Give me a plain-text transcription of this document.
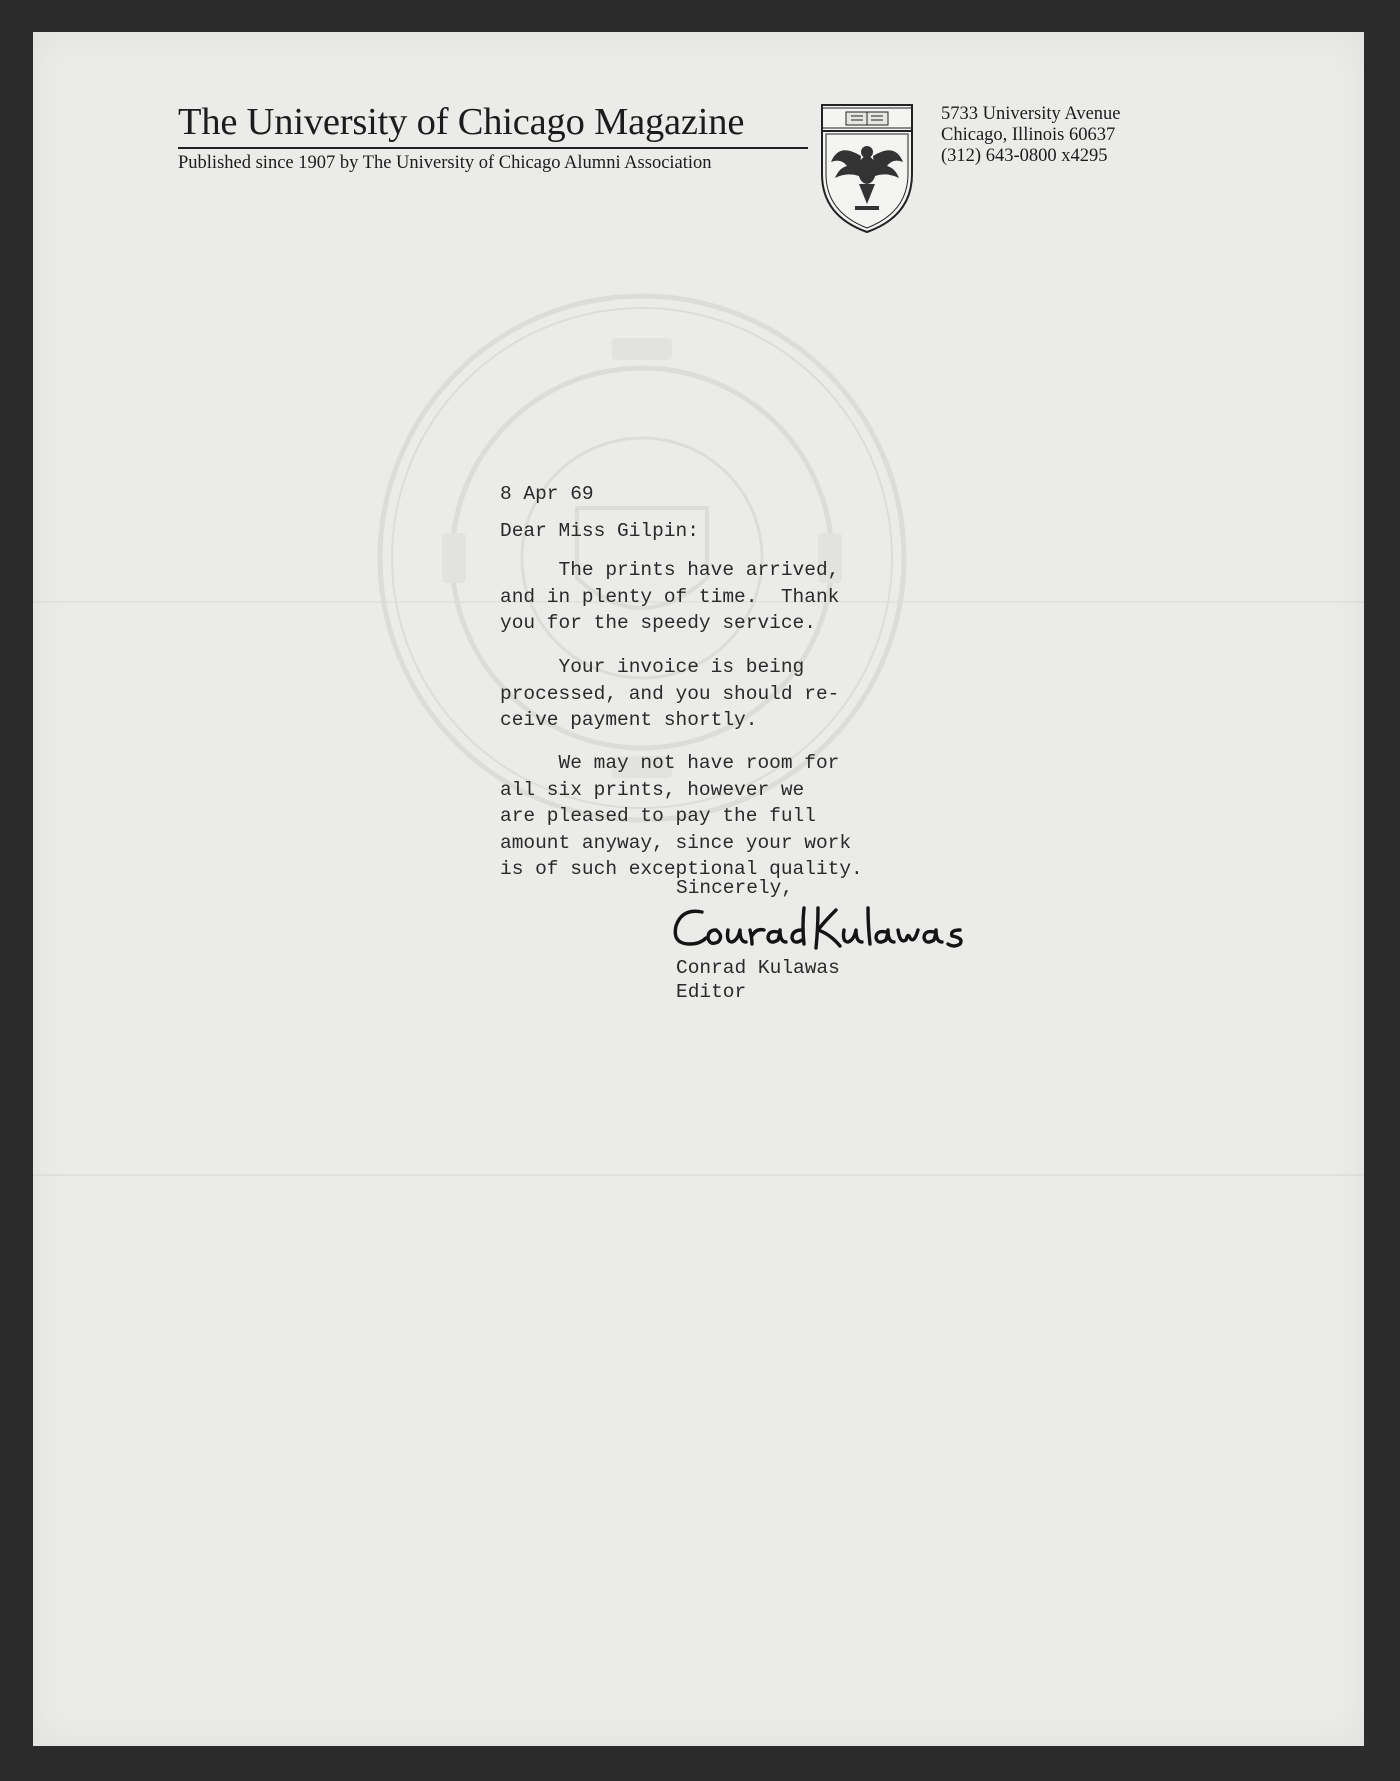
The University of Chicago Magazine
Published since 1907 by The University of Chicago Alumni Association
5733 University Avenue
Chicago, Illinois 60637
(312) 643-0800 x4295
8 Apr 69
Dear Miss Gilpin:
The prints have arrived,
and in plenty of time.  Thank
you for the speedy service.
Your invoice is being
processed, and you should re-
ceive payment shortly.
We may not have room for
all six prints, however we
are pleased to pay the full
amount anyway, since your work
is of such exceptional quality.
Sincerely,
Conrad Kulawas
Editor
